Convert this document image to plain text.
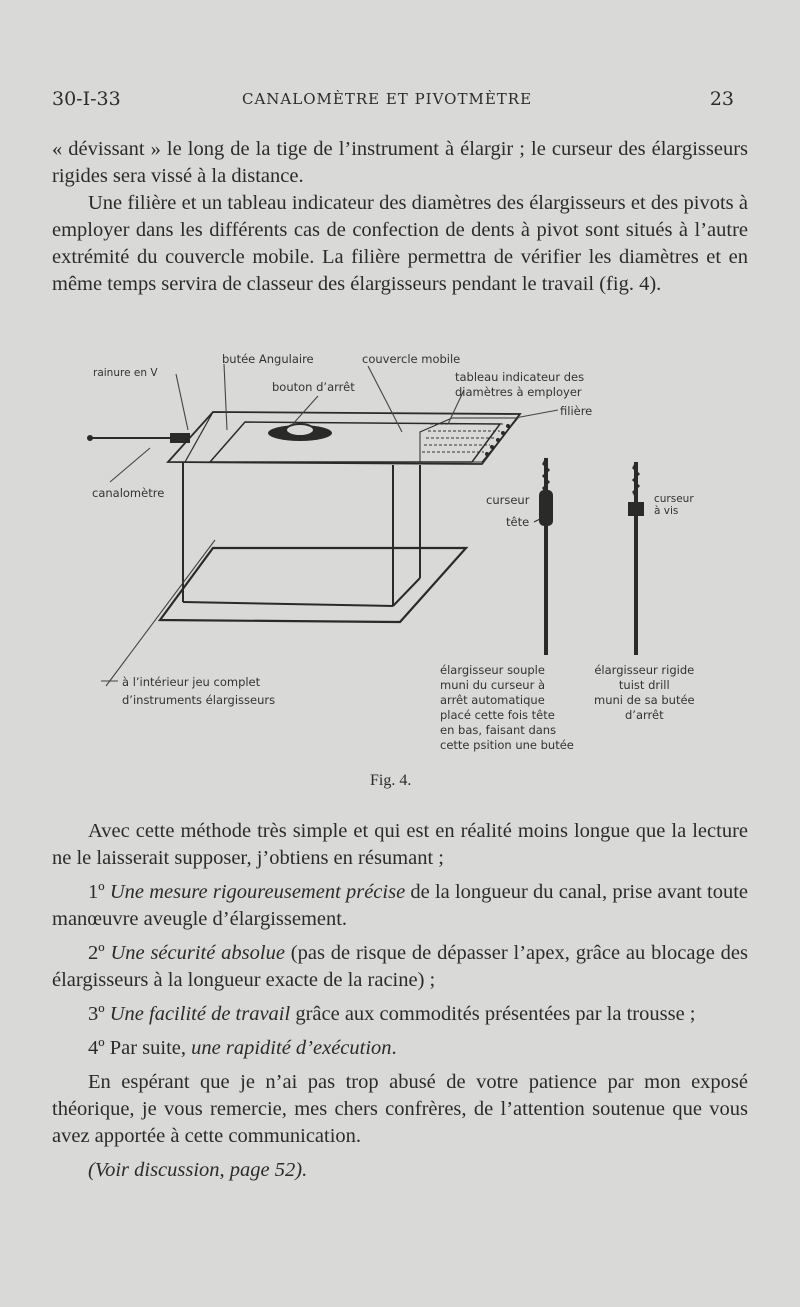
30-I-33	CANALOMÈTRE ET PIVOTMÈTRE	23

« dévissant » le long de la tige de l’instrument à élargir ; le curseur des élargisseurs rigides sera vissé à la distance.

Une filière et un tableau indicateur des diamètres des élargisseurs et des pivots à employer dans les différents cas de confection de dents à pivot sont situés à l’autre extrémité du couvercle mobile. La filière permettra de vérifier les diamètres et en même temps servira de classeur des élargisseurs pendant le travail (fig. 4).

rainure en V
butée Angulaire	couvercle mobile
bouton d’arrêt
tableau indicateur des
diamètres à employer
filière
canalomètre	curseur
tête
curseur
à vis
à l’intérieur jeu complet
d’instruments élargisseurs
élargisseur souple
muni du curseur à
arrêt automatique
placé cette fois tête
en bas, faisant dans
cette psition une butée
élargisseur rigide
tuist drill
muni de sa butée
d’arrêt
Fig. 4.

Avec cette méthode très simple et qui est en réalité moins longue que la lecture ne le laisserait supposer, j’obtiens en résumant ;

1º Une mesure rigoureusement précise de la longueur du canal, prise avant toute manœuvre aveugle d’élargissement.

2º Une sécurité absolue (pas de risque de dépasser l’apex, grâce au blocage des élargisseurs à la longueur exacte de la racine) ;

3º Une facilité de travail grâce aux commodités présentées par la trousse ;

4º Par suite, une rapidité d’exécution.

En espérant que je n’ai pas trop abusé de votre patience par mon exposé théorique, je vous remercie, mes chers confrères, de l’attention soutenue que vous avez apportée à cette communication.

(Voir discussion, page 52).
